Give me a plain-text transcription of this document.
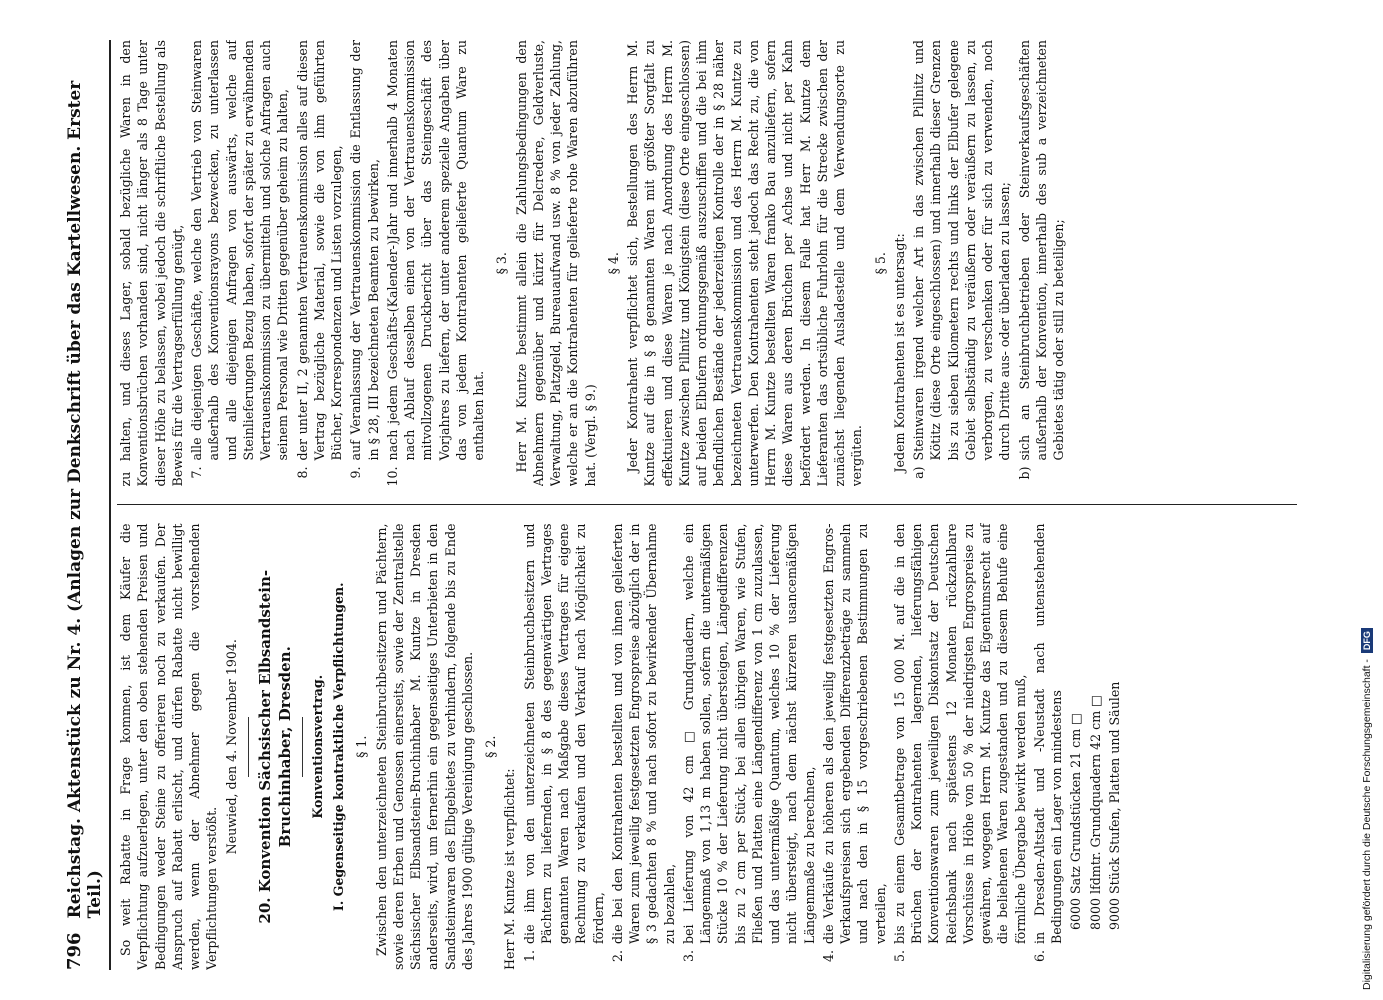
796
Reichstag. Aktenstück zu Nr. 4. (Anlagen zur Denkschrift über das Kartellwesen. Erster Teil.) So weit Rabatte in Frage kommen, ist dem Käufer die Verpflichtung aufzuerlegen, unter den oben stehenden Preisen und Bedingungen weder Steine zu offerieren noch zu verkaufen. Der Anspruch auf Rabatt erlischt, und dürfen Rabatte nicht bewilligt werden, wenn der Abnehmer gegen die vorstehenden Verpflichtungen verstößt.

Neuwied, den 4. November 1904. 20. Konvention Sächsischer Elbsandstein-Bruchinhaber, Dresden. Konventionsvertrag. I. Gegenseitige kontraktliche Verpflichtungen. § 1. Zwischen den unterzeichneten Steinbruchbesitzern und Pächtern, sowie deren Erben und Genossen einerseits, sowie der Zentralstelle Sächsischer Elbsandstein-Bruchinhaber M. Kuntze in Dresden anderseits, wird, um fernerhin ein gegenseitiges Unterbieten in den Sandsteinwaren des Elbgebietes zu verhindern, folgende bis zu Ende des Jahres 1900 gültige Vereinigung geschlossen. § 2.

Herr M. Kuntze ist verpflichtet: 1.
die ihm von den unterzeichneten Steinbruchbesitzern und Pächtern zu liefernden, in § 8 des gegenwärtigen Vertrages genannten Waren nach Maßgabe dieses Vertrages für eigene Rechnung zu verkaufen und den Verkauf nach Möglichkeit zu fördern,
2.
die bei den Kontrahenten bestellten und von ihnen gelieferten Waren zum jeweilig festgesetzten Engrospreise abzüglich der in § 3 gedachten 8 % und nach sofort zu bewirkender Übernahme zu bezahlen,
3.
bei Lieferung von 42 cm □ Grundquadern, welche ein Längenmaß von 1,13 m haben sollen, sofern die untermäßigen Stücke 10 % der Lieferung nicht übersteigen, Längedifferenzen bis zu 2 cm per Stück, bei allen übrigen Waren, wie Stufen, Fließen und Platten eine Längendifferenz von 1 cm zuzulassen, und das untermäßige Quantum, welches 10 % der Lieferung nicht übersteigt, nach dem nächst kürzeren usancemäßigen Längenmaße zu berechnen,
4.
die Verkäufe zu höheren als den jeweilig festgesetzten Engros-Verkaufspreisen sich ergebenden Differenzbeträge zu sammeln und nach den in § 15 vorgeschriebenen Bestimmungen zu verteilen,
5.
bis zu einem Gesamtbetrage von 15 000 M. auf die in den Brüchen der Kontrahenten lagernden, lieferungsfähigen Konventionswaren zum jeweiligen Diskontsatz der Deutschen Reichsbank nach spätestens 12 Monaten rückzahlbare Vorschüsse in Höhe von 50 % der niedrigsten Engrospreise zu gewähren, wogegen Herrn M. Kuntze das Eigentumsrecht auf die beliehenen Waren zugestanden und zu diesem Behufe eine förmliche Übergabe bewirkt werden muß,
6.
in Dresden-Altstadt und -Neustadt nach untenstehenden Bedingungen ein Lager von mindestens 6000 Satz Grundstücken 21 cm □ 8000 lfdmtr. Grundquadern 42 cm □ 9000 Stück Stufen, Platten und Säulen

zu halten, und dieses Lager, sobald bezügliche Waren in den Konventionsbrüchen vorhanden sind, nicht länger als 8 Tage unter dieser Höhe zu belassen, wobei jedoch die schriftliche Bestellung als Beweis für die Vertragserfüllung genügt, 7.
alle diejenigen Geschäfte, welche den Vertrieb von Steinwaren außerhalb des Konventionsrayons bezwecken, zu unterlassen und alle diejenigen Anfragen von auswärts, welche auf Steinlieferungen Bezug haben, sofort der später zu erwähnenden Vertrauenskommission zu übermitteln und solche Anfragen auch seinem Personal wie Dritten gegenüber geheim zu halten,
8.
der unter II, 2 genannten Vertrauenskommission alles auf diesen Vertrag bezügliche Material, sowie die von ihm geführten Bücher, Korrespondenzen und Listen vorzulegen,
9.
auf Veranlassung der Vertrauenskommission die Entlassung der in § 28, III bezeichneten Beamten zu bewirken,
10.
nach jedem Geschäfts-(Kalender-)Jahr und innerhalb 4 Monaten nach Ablauf desselben einen von der Vertrauenskommission mitvollzogenen Druckbericht über das Steingeschäft des Vorjahres zu liefern, der unter anderem spezielle Angaben über das von jedem Kontrahenten gelieferte Quantum Ware zu enthalten hat.

§ 3. Herr M. Kuntze bestimmt allein die Zahlungsbedingungen den Abnehmern gegenüber und kürzt für Delcredere, Geldverluste, Verwaltung, Platzgeld, Bureauaufwand usw. 8 % von jeder Zahlung, welche er an die Kontrahenten für gelieferte rohe Waren abzuführen hat. (Vergl. § 9.)

§ 4. Jeder Kontrahent verpflichtet sich, Bestellungen des Herrn M. Kuntze auf die in § 8 genannten Waren mit größter Sorgfalt zu effektuieren und diese Waren je nach Anordnung des Herrn M. Kuntze zwischen Pillnitz und Königstein (diese Orte eingeschlossen) auf beiden Elbufern ordnungsgemäß auszuschiffen und die bei ihm befindlichen Bestände der jederzeitigen Kontrolle der in § 28 näher bezeichneten Vertrauenskommission und des Herrn M. Kuntze zu unterwerfen. Den Kontrahenten steht jedoch das Recht zu, die von Herrn M. Kuntze bestellten Waren franko Bau anzuliefern, sofern diese Waren aus deren Brüchen per Achse und nicht per Kahn befördert werden. In diesem Falle hat Herr M. Kuntze dem Lieferanten das ortsübliche Fuhrlohn für die Strecke zwischen der zunächst liegenden Ausladestelle und dem Verwendungsorte zu vergüten.

§ 5. Jedem Kontrahenten ist es untersagt:

a)
Steinwaren irgend welcher Art in das zwischen Pillnitz und Kötitz (diese Orte eingeschlossen) und innerhalb dieser Grenzen bis zu sieben Kilometern rechts und links der Elbufer gelegene Gebiet selbständig zu veräußern oder veräußern zu lassen, zu verborgen, zu verschenken oder für sich zu verwenden, noch durch Dritte aus- oder überladen zu lassen;
b)
sich an Steinbruchbetrieben oder Steinverkaufsgeschäften außerhalb der Konvention, innerhalb des sub a verzeichneten Gebietes tätig oder still zu beteiligen;
Digitalisierung gefördert durch die Deutsche Forschungsgemeinschaft -
DFG
